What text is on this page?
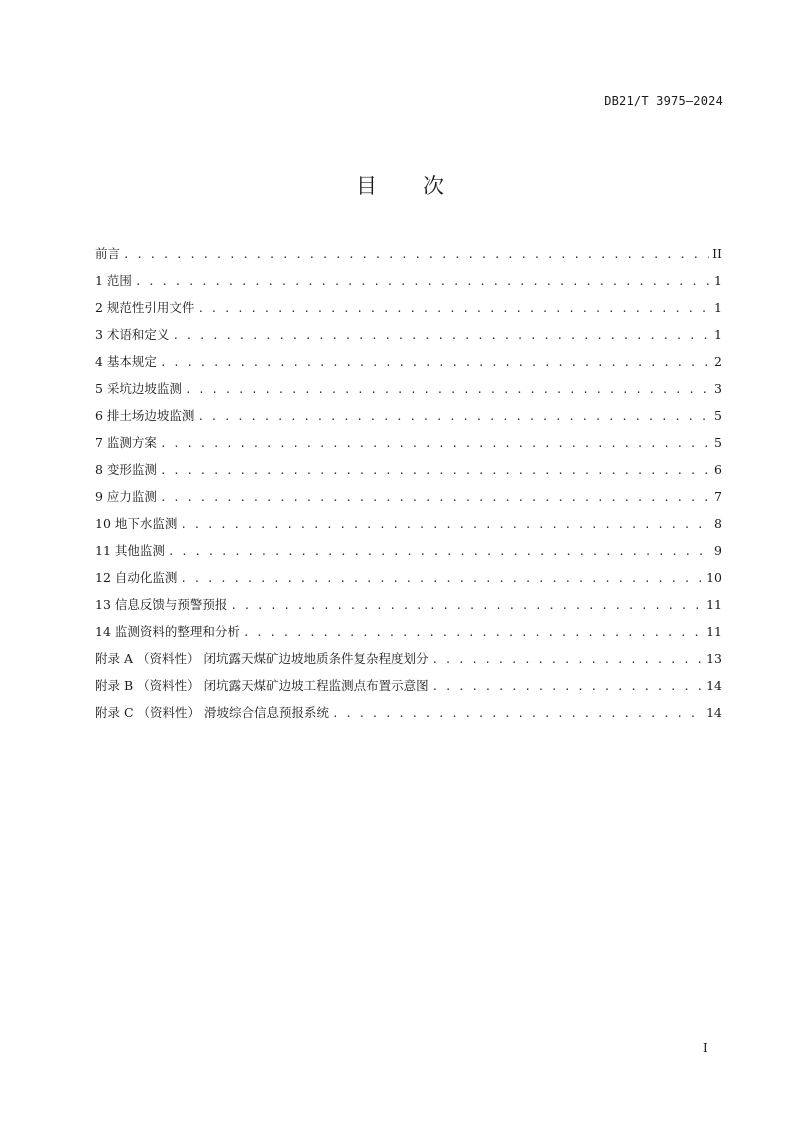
DB21/T 3975—2024
目 次
前言 . . .	II
1 范围 . . .	1
2 规范性引用文件 . . .	1
3 术语和定义 . . .	1
4 基本规定 . . .	2
5 采坑边坡监测 . . .	3
6 排土场边坡监测 . . .	5
7 监测方案 . . .	5
8 变形监测 . . .	6
9 应力监测 . . .	7
10 地下水监测 . . .	8
11 其他监测 . . .	9
12 自动化监测 . . .	10
13 信息反馈与预警预报 . . .	11
14 监测资料的整理和分析 . . .	11
附录 A （资料性） 闭坑露天煤矿边坡地质条件复杂程度划分 . . .	13
附录 B （资料性） 闭坑露天煤矿边坡工程监测点布置示意图 . . .	14
附录 C （资料性） 滑坡综合信息预报系统 . . .	14
I
